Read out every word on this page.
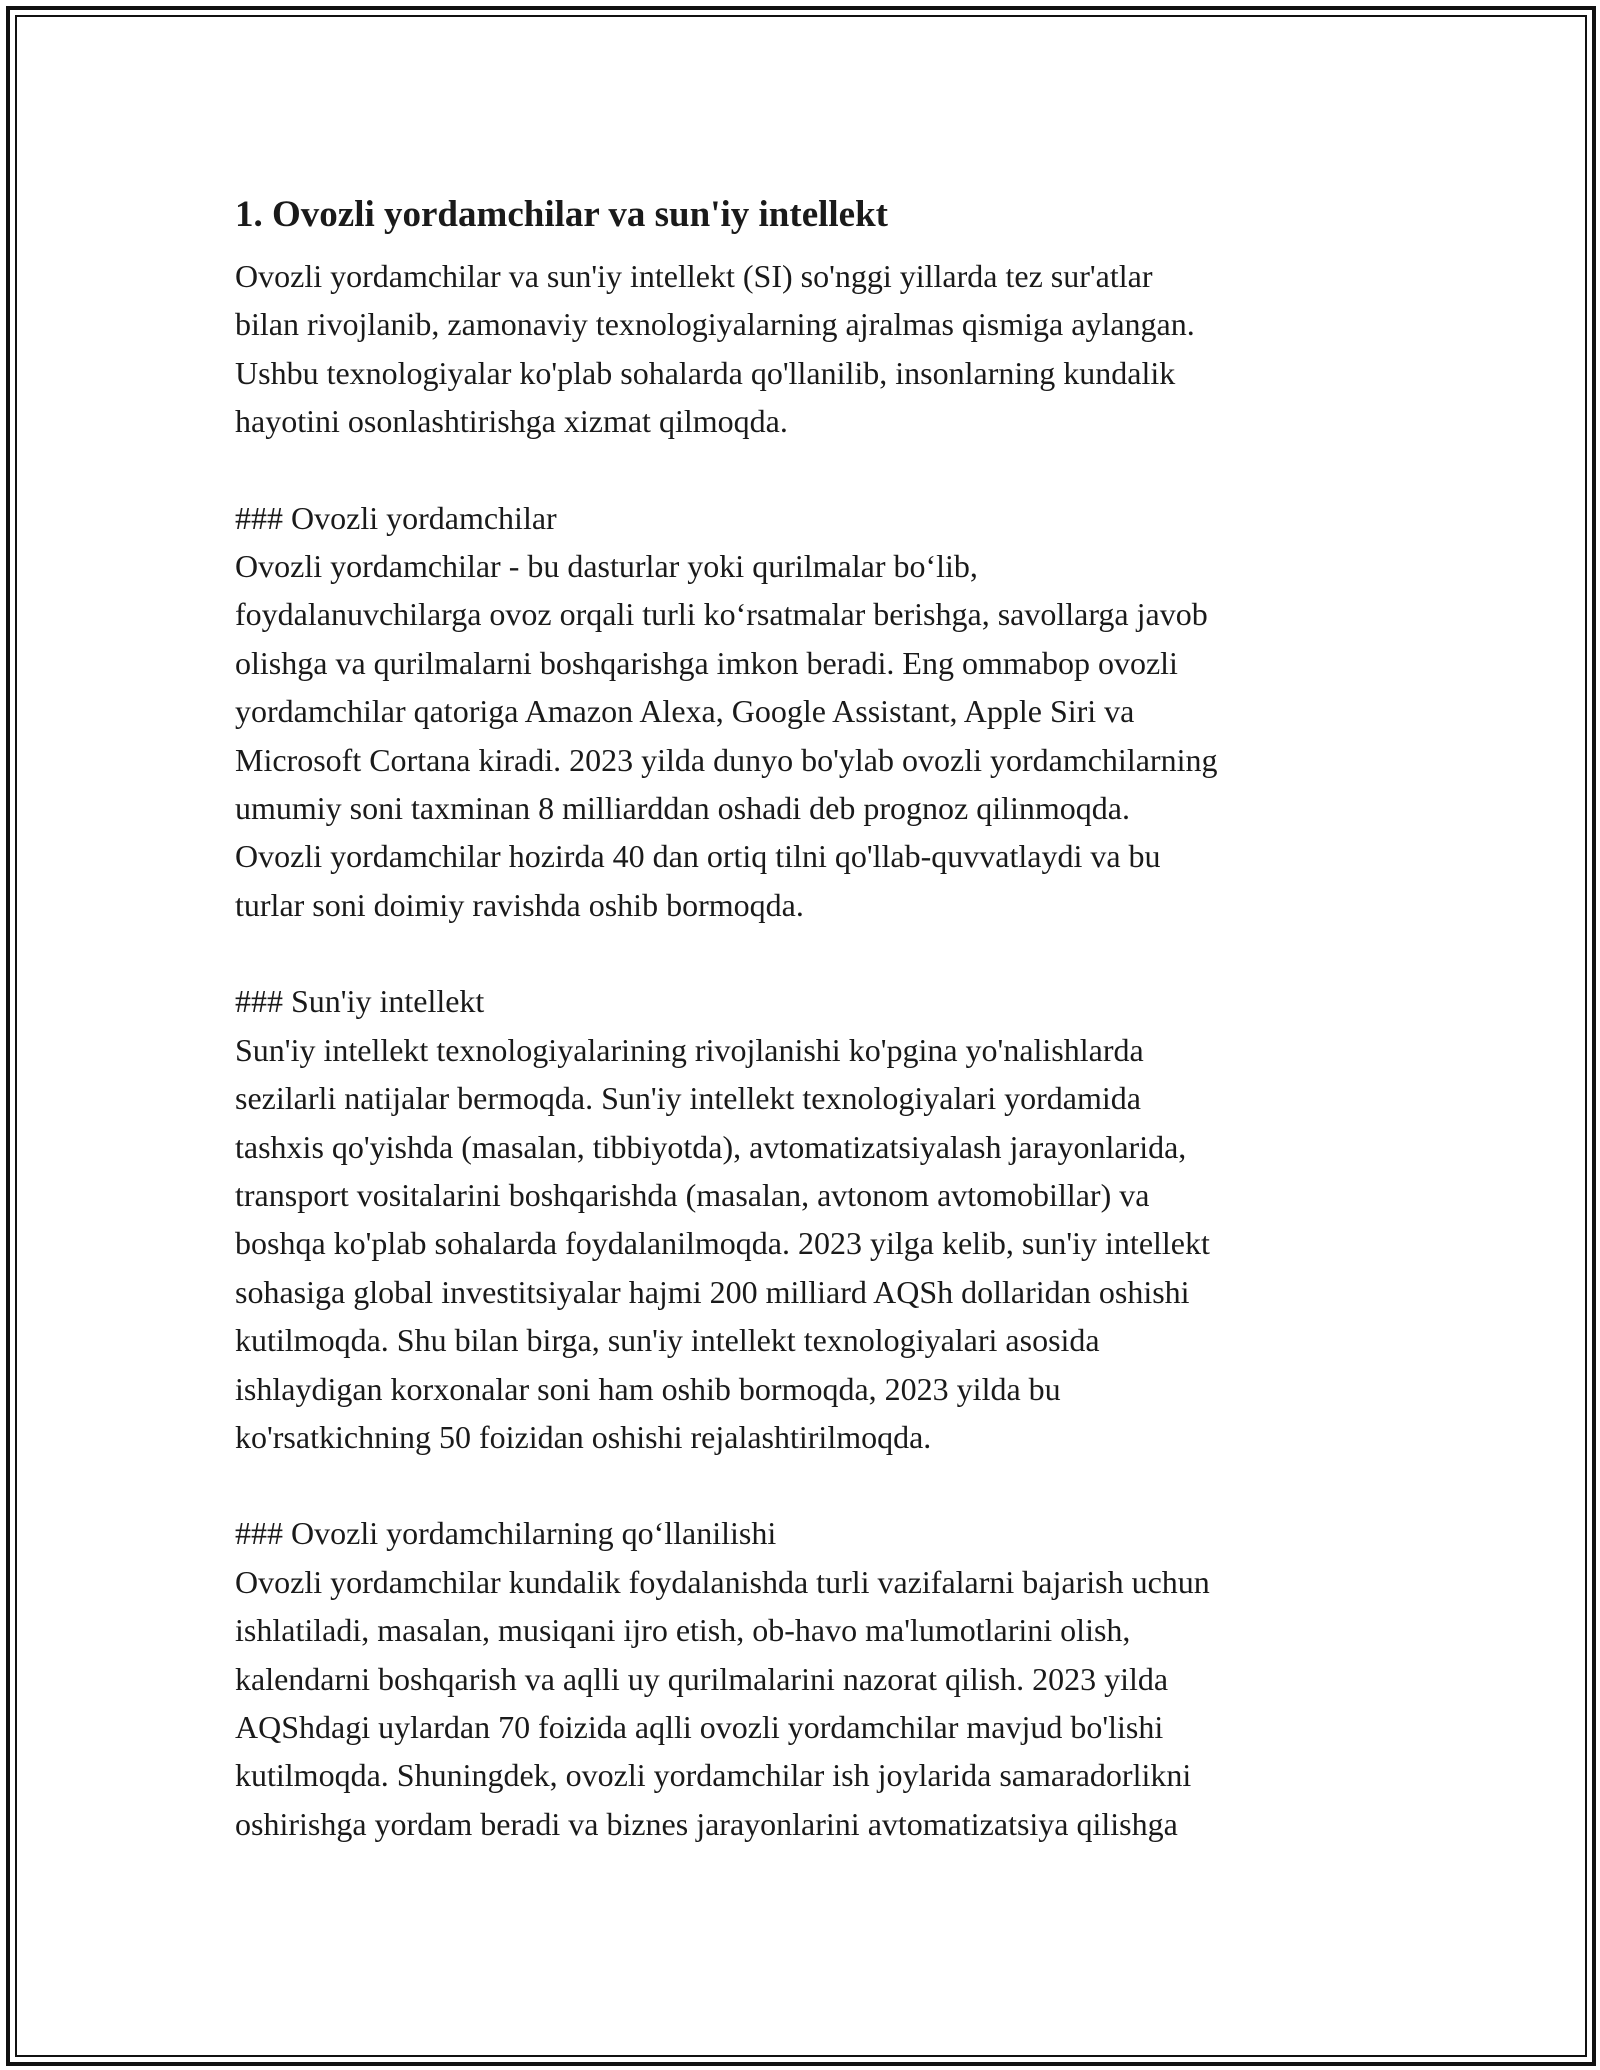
1. Ovozli yordamchilar va sun'iy intellekt

Ovozli yordamchilar va sun'iy intellekt (SI) so'nggi yillarda tez sur'atlar
bilan rivojlanib, zamonaviy texnologiyalarning ajralmas qismiga aylangan.
Ushbu texnologiyalar ko'plab sohalarda qo'llanilib, insonlarning kundalik
hayotini osonlashtirishga xizmat qilmoqda.

### Ovozli yordamchilar

Ovozli yordamchilar - bu dasturlar yoki qurilmalar bo‘lib,
foydalanuvchilarga ovoz orqali turli ko‘rsatmalar berishga, savollarga javob
olishga va qurilmalarni boshqarishga imkon beradi. Eng ommabop ovozli
yordamchilar qatoriga Amazon Alexa, Google Assistant, Apple Siri va
Microsoft Cortana kiradi. 2023 yilda dunyo bo'ylab ovozli yordamchilarning
umumiy soni taxminan 8 milliarddan oshadi deb prognoz qilinmoqda.
Ovozli yordamchilar hozirda 40 dan ortiq tilni qo'llab-quvvatlaydi va bu
turlar soni doimiy ravishda oshib bormoqda.

### Sun'iy intellekt

Sun'iy intellekt texnologiyalarining rivojlanishi ko'pgina yo'nalishlarda
sezilarli natijalar bermoqda. Sun'iy intellekt texnologiyalari yordamida
tashxis qo'yishda (masalan, tibbiyotda), avtomatizatsiyalash jarayonlarida,
transport vositalarini boshqarishda (masalan, avtonom avtomobillar) va
boshqa ko'plab sohalarda foydalanilmoqda. 2023 yilga kelib, sun'iy intellekt
sohasiga global investitsiyalar hajmi 200 milliard AQSh dollaridan oshishi
kutilmoqda. Shu bilan birga, sun'iy intellekt texnologiyalari asosida
ishlaydigan korxonalar soni ham oshib bormoqda, 2023 yilda bu
ko'rsatkichning 50 foizidan oshishi rejalashtirilmoqda.

### Ovozli yordamchilarning qo‘llanilishi

Ovozli yordamchilar kundalik foydalanishda turli vazifalarni bajarish uchun
ishlatiladi, masalan, musiqani ijro etish, ob-havo ma'lumotlarini olish,
kalendarni boshqarish va aqlli uy qurilmalarini nazorat qilish. 2023 yilda
AQShdagi uylardan 70 foizida aqlli ovozli yordamchilar mavjud bo'lishi
kutilmoqda. Shuningdek, ovozli yordamchilar ish joylarida samaradorlikni
oshirishga yordam beradi va biznes jarayonlarini avtomatizatsiya qilishga
